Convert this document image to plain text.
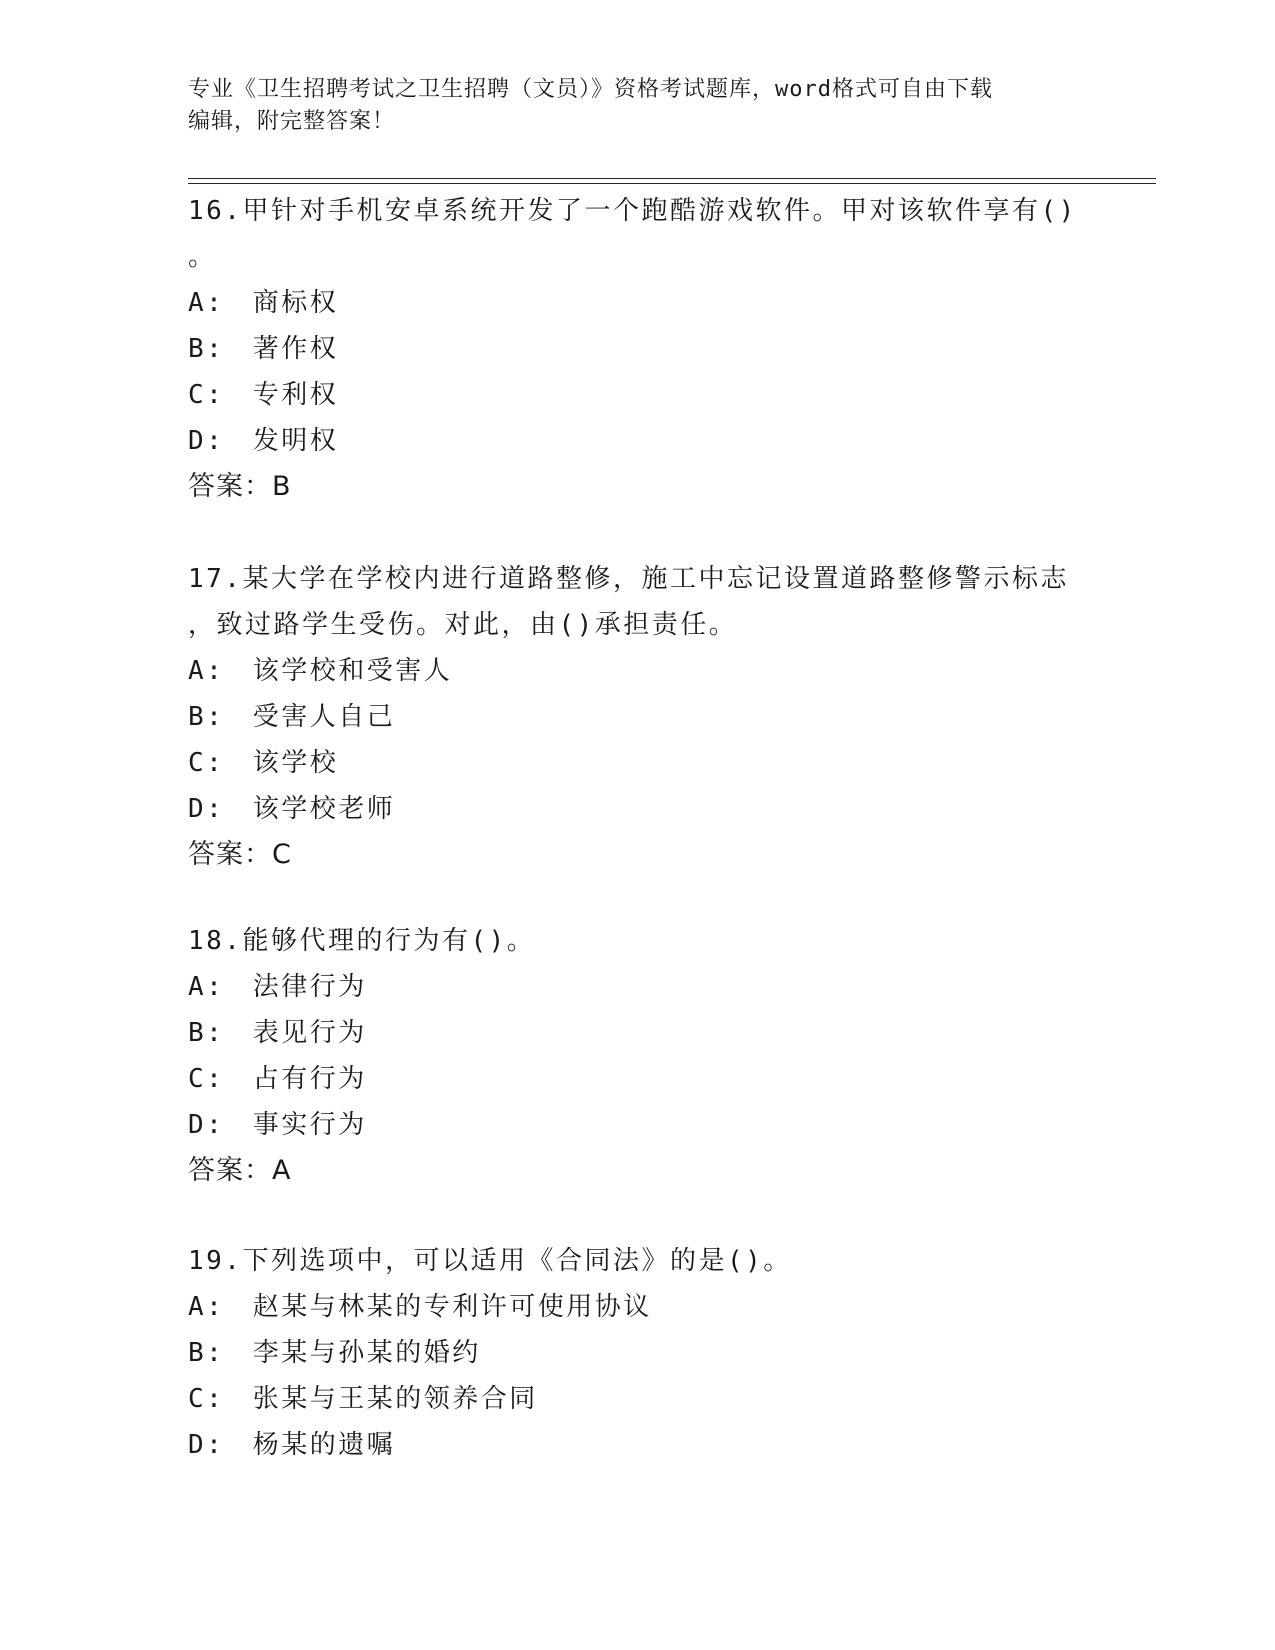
专业《卫生招聘考试之卫生招聘（文员）》资格考试题库，word格式可自由下载
编辑，附完整答案！

16.甲针对手机安卓系统开发了一个跑酷游戏软件。甲对该软件享有()

。

A:　商标权

B:　著作权

C:　专利权

D:　发明权

答案：B

17.某大学在学校内进行道路整修，施工中忘记设置道路整修警示标志

，致过路学生受伤。对此，由()承担责任。

A:　该学校和受害人

B:　受害人自己

C:　该学校

D:　该学校老师

答案：C

18.能够代理的行为有()。

A:　法律行为

B:　表见行为

C:　占有行为

D:　事实行为

答案：A

19.下列选项中，可以适用《合同法》的是()。

A:　赵某与林某的专利许可使用协议

B:　李某与孙某的婚约

C:　张某与王某的领养合同

D:　杨某的遗嘱
